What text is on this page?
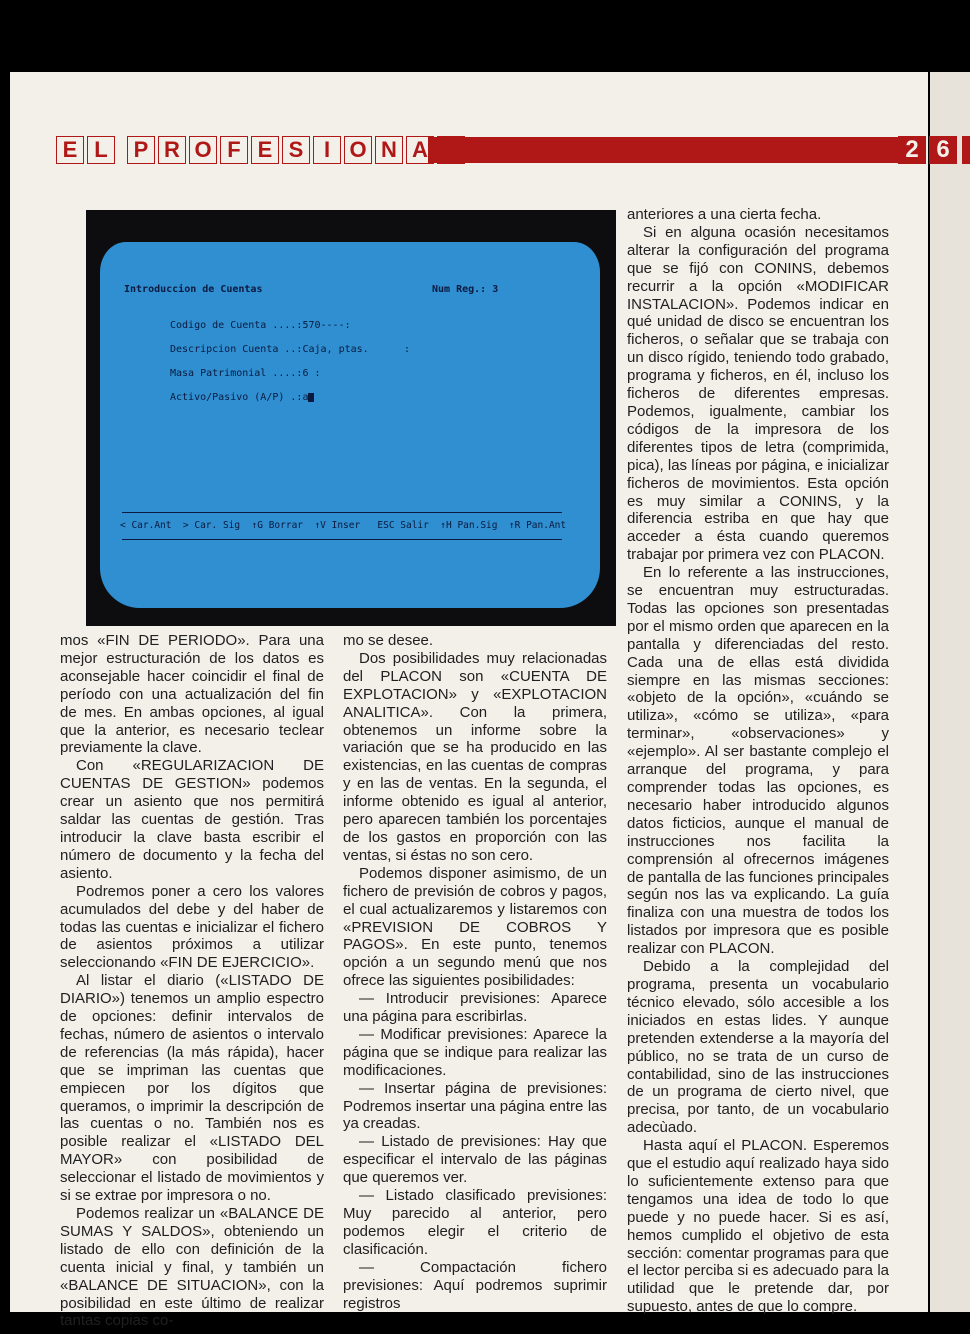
E L	P R O F E S I O N A	2 6
Introduccion de Cuentas	Num Reg.: 3
Codigo de Cuenta ....:570----:
Descripcion Cuenta ..:Caja, ptas.	:
Masa Patrimonial ....:6 :
Activo/Pasivo (A/P) .:a
< Car.Ant  > Car. Sig  ↑G Borrar  ↑V Inser   ESC Salir  ↑H Pan.Sig  ↑R Pan.Ant

mos «FIN DE PERIODO». Para una mejor estructuración de los datos es aconsejable hacer coincidir el final de período con una actualización del fin de mes. En ambas opciones, al igual que la anterior, es necesario teclear previamente la clave.

Con «REGULARIZACION DE CUENTAS DE GESTION» podemos crear un asiento que nos permitirá saldar las cuentas de gestión. Tras introducir la clave basta escribir el número de documento y la fecha del asiento.

Podremos poner a cero los valores acumulados del debe y del haber de todas las cuentas e inicializar el fichero de asientos próximos a utilizar seleccionando «FIN DE EJERCICIO».

Al listar el diario («LISTADO DE DIARIO») tenemos un amplio espectro de opciones: definir intervalos de fechas, número de asientos o intervalo de referencias (la más rápida), hacer que se impriman las cuentas que empiecen por los dígitos que queramos, o imprimir la descripción de las cuentas o no. También nos es posible realizar el «LISTADO DEL MAYOR» con posibilidad de seleccionar el listado de movimientos y si se extrae por impresora o no.

Podemos realizar un «BALANCE DE SUMAS Y SALDOS», obteniendo un listado de ello con definición de la cuenta inicial y final, y también un «BALANCE DE SITUACION», con la posibilidad en este último de realizar tantas copias co-

mo se desee.

Dos posibilidades muy relacionadas del PLACON son «CUENTA DE EXPLOTACION» y «EXPLOTACION ANALITICA». Con la primera, obtenemos un informe sobre la variación que se ha producido en las existencias, en las cuentas de compras y en las de ventas. En la segunda, el informe obtenido es igual al anterior, pero aparecen también los porcentajes de los gastos en proporción con las ventas, si éstas no son cero.

Podemos disponer asimismo, de un fichero de previsión de cobros y pagos, el cual actualizaremos y listaremos con «PREVISION DE COBROS Y PAGOS». En este punto, tenemos opción a un segundo menú que nos ofrece las siguientes posibilidades:

— Introducir previsiones: Aparece una página para escribirlas.

— Modificar previsiones: Aparece la página que se indique para realizar las modificaciones.

— Insertar página de previsiones: Podremos insertar una página entre las ya creadas.

— Listado de previsiones: Hay que especificar el intervalo de las páginas que queremos ver.

— Listado clasificado previsiones: Muy parecido al anterior, pero podemos elegir el criterio de clasificación.

— Compactación fichero previsiones: Aquí podremos suprimir registros

anteriores a una cierta fecha.

Si en alguna ocasión necesitamos alterar la configuración del programa que se fijó con CONINS, debemos recurrir a la opción «MODIFICAR INSTALACION». Podemos indicar en qué unidad de disco se encuentran los ficheros, o señalar que se trabaja con un disco rígido, teniendo todo grabado, programa y ficheros, en él, incluso los ficheros de diferentes empresas. Podemos, igualmente, cambiar los códigos de la impresora de los diferentes tipos de letra (comprimida, pica), las líneas por página, e inicializar ficheros de movimientos. Esta opción es muy similar a CONINS, y la diferencia estriba en que hay que acceder a ésta cuando queremos trabajar por primera vez con PLACON.

En lo referente a las instrucciones, se encuentran muy estructuradas. Todas las opciones son presentadas por el mismo orden que aparecen en la pantalla y diferenciadas del resto. Cada una de ellas está dividida siempre en las mismas secciones: «objeto de la opción», «cuándo se utiliza», «cómo se utiliza», «para terminar», «observaciones» y «ejemplo». Al ser bastante complejo el arranque del programa, y para comprender todas las opciones, es necesario haber introducido algunos datos ficticios, aunque el manual de instrucciones nos facilita la comprensión al ofrecernos imágenes de pantalla de las funciones principales según nos las va explicando. La guía finaliza con una muestra de todos los listados por impresora que es posible realizar con PLACON.

Debido a la complejidad del programa, presenta un vocabulario técnico elevado, sólo accesible a los iniciados en estas lides. Y aunque pretenden extenderse a la mayoría del público, no se trata de un curso de contabilidad, sino de las instrucciones de un programa de cierto nivel, que precisa, por tanto, de un vocabulario adecùado.

Hasta aquí el PLACON. Esperemos que el estudio aquí realizado haya sido lo suficientemente extenso para que tengamos una idea de todo lo que puede y no puede hacer. Si es así, hemos cumplido el objetivo de esta sección: comentar programas para que el lector perciba si es adecuado para la utilidad que le pretende dar, por supuesto, antes de que lo compre.
